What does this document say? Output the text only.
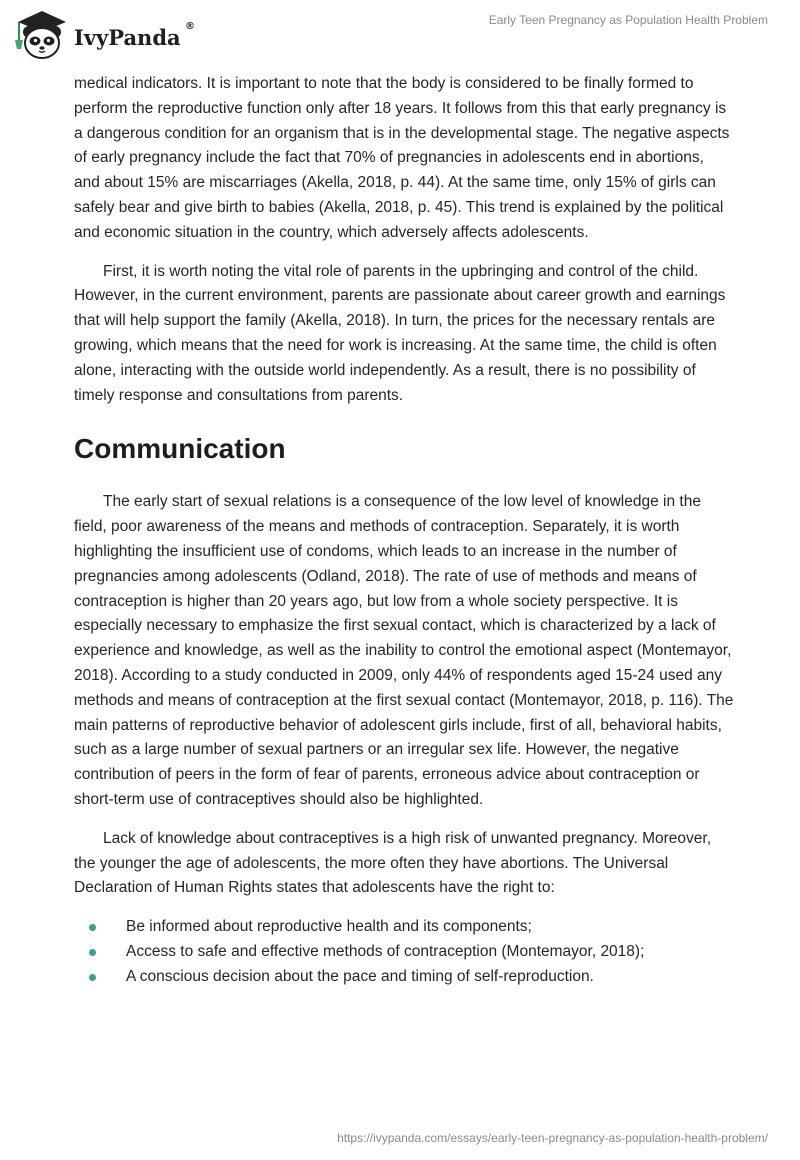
IvyPanda ®	Early Teen Pregnancy as Population Health Problem

medical indicators. It is important to note that the body is considered to be finally formed to perform the reproductive function only after 18 years. It follows from this that early pregnancy is a dangerous condition for an organism that is in the developmental stage. The negative aspects of early pregnancy include the fact that 70% of pregnancies in adolescents end in abortions, and about 15% are miscarriages (Akella, 2018, p. 44). At the same time, only 15% of girls can safely bear and give birth to babies (Akella, 2018, p. 45). This trend is explained by the political and economic situation in the country, which adversely affects adolescents.

First, it is worth noting the vital role of parents in the upbringing and control of the child. However, in the current environment, parents are passionate about career growth and earnings that will help support the family (Akella, 2018). In turn, the prices for the necessary rentals are growing, which means that the need for work is increasing. At the same time, the child is often alone, interacting with the outside world independently. As a result, there is no possibility of timely response and consultations from parents.

Communication

The early start of sexual relations is a consequence of the low level of knowledge in the field, poor awareness of the means and methods of contraception. Separately, it is worth highlighting the insufficient use of condoms, which leads to an increase in the number of pregnancies among adolescents (Odland, 2018). The rate of use of methods and means of contraception is higher than 20 years ago, but low from a whole society perspective. It is especially necessary to emphasize the first sexual contact, which is characterized by a lack of experience and knowledge, as well as the inability to control the emotional aspect (Montemayor, 2018). According to a study conducted in 2009, only 44% of respondents aged 15-24 used any methods and means of contraception at the first sexual contact (Montemayor, 2018, p. 116). The main patterns of reproductive behavior of adolescent girls include, first of all, behavioral habits, such as a large number of sexual partners or an irregular sex life. However, the negative contribution of peers in the form of fear of parents, erroneous advice about contraception or short-term use of contraceptives should also be highlighted.

Lack of knowledge about contraceptives is a high risk of unwanted pregnancy. Moreover, the younger the age of adolescents, the more often they have abortions. The Universal Declaration of Human Rights states that adolescents have the right to:

Be informed about reproductive health and its components;
Access to safe and effective methods of contraception (Montemayor, 2018);
A conscious decision about the pace and timing of self-reproduction.
https://ivypanda.com/essays/early-teen-pregnancy-as-population-health-problem/
